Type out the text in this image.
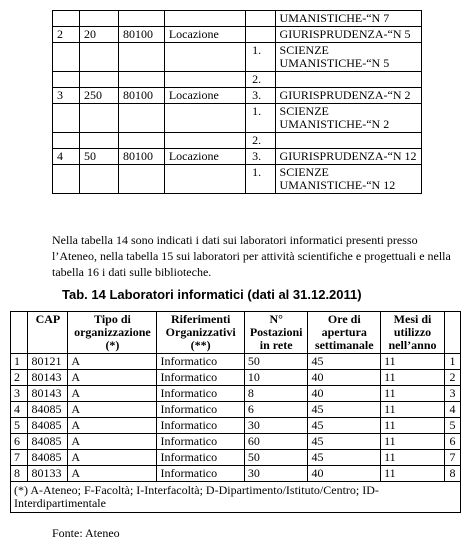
					UMANISTICHE-“N 7
2	20	80100	Locazione		GIURISPRUDENZA-“N 5
				1.	SCIENZE UMANISTICHE-“N 5
				2.	
3	250	80100	Locazione	3.	GIURISPRUDENZA-“N 2
				1.	SCIENZE UMANISTICHE-“N 2
				2.	
4	50	80100	Locazione	3.	GIURISPRUDENZA-“N 12
				1.	SCIENZE UMANISTICHE-“N 12
Nella tabella 14 sono indicati i dati sui laboratori informatici presenti presso l’Ateneo, nella tabella 15 sui laboratori per attività scientifiche e progettuali e nella tabella 16 i dati sulle biblioteche.
Tab. 14 Laboratori informatici (dati al 31.12.2011)
	CAP	Tipo di organizzazione (*)	Riferimenti Organizzativi (**)	N° Postazioni in rete	Ore di apertura settimanale	Mesi di utilizzo nell’anno	
1	80121	A	Informatico	50	45	11	1
2	80143	A	Informatico	10	40	11	2
3	80143	A	Informatico	8	40	11	3
4	84085	A	Informatico	6	45	11	4
5	84085	A	Informatico	30	45	11	5
6	84085	A	Informatico	60	45	11	6
7	84085	A	Informatico	50	45	11	7
8	80133	A	Informatico	30	40	11	8
(*) A-Ateneo; F-Facoltà; I-Interfacoltà; D-Dipartimento/Istituto/Centro; ID-Interdipartimentale							
Fonte: Ateneo
